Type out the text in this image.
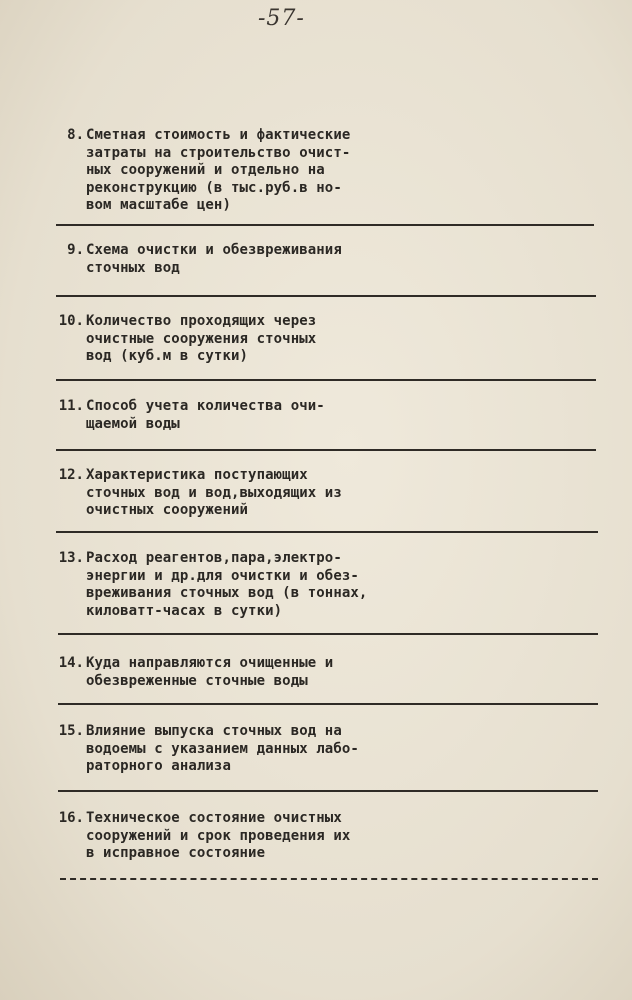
-57-
8. Сметная стоимость и фактические
затраты на строительство очист-
ных сооружений и отдельно на
реконструкцию (в тыс.руб.в но-
вом масштабе цен)
9. Схема очистки и обезвреживания
сточных вод
10. Количество проходящих через
очистные сооружения сточных
вод (куб.м в сутки)
11. Способ учета количества очи-
щаемой воды
12. Характеристика поступающих
сточных вод и вод,выходящих из
очистных сооружений
13. Расход реагентов,пара,электро-
энергии и др.для очистки и обез-
вреживания сточных вод (в тоннах,
киловатт-часах в сутки)
14. Куда направляются очищенные и
обезвреженные сточные воды
15. Влияние выпуска сточных вод на
водоемы с указанием данных лабо-
раторного анализа
16. Техническое состояние очистных
сооружений и срок проведения их
в исправное состояние
